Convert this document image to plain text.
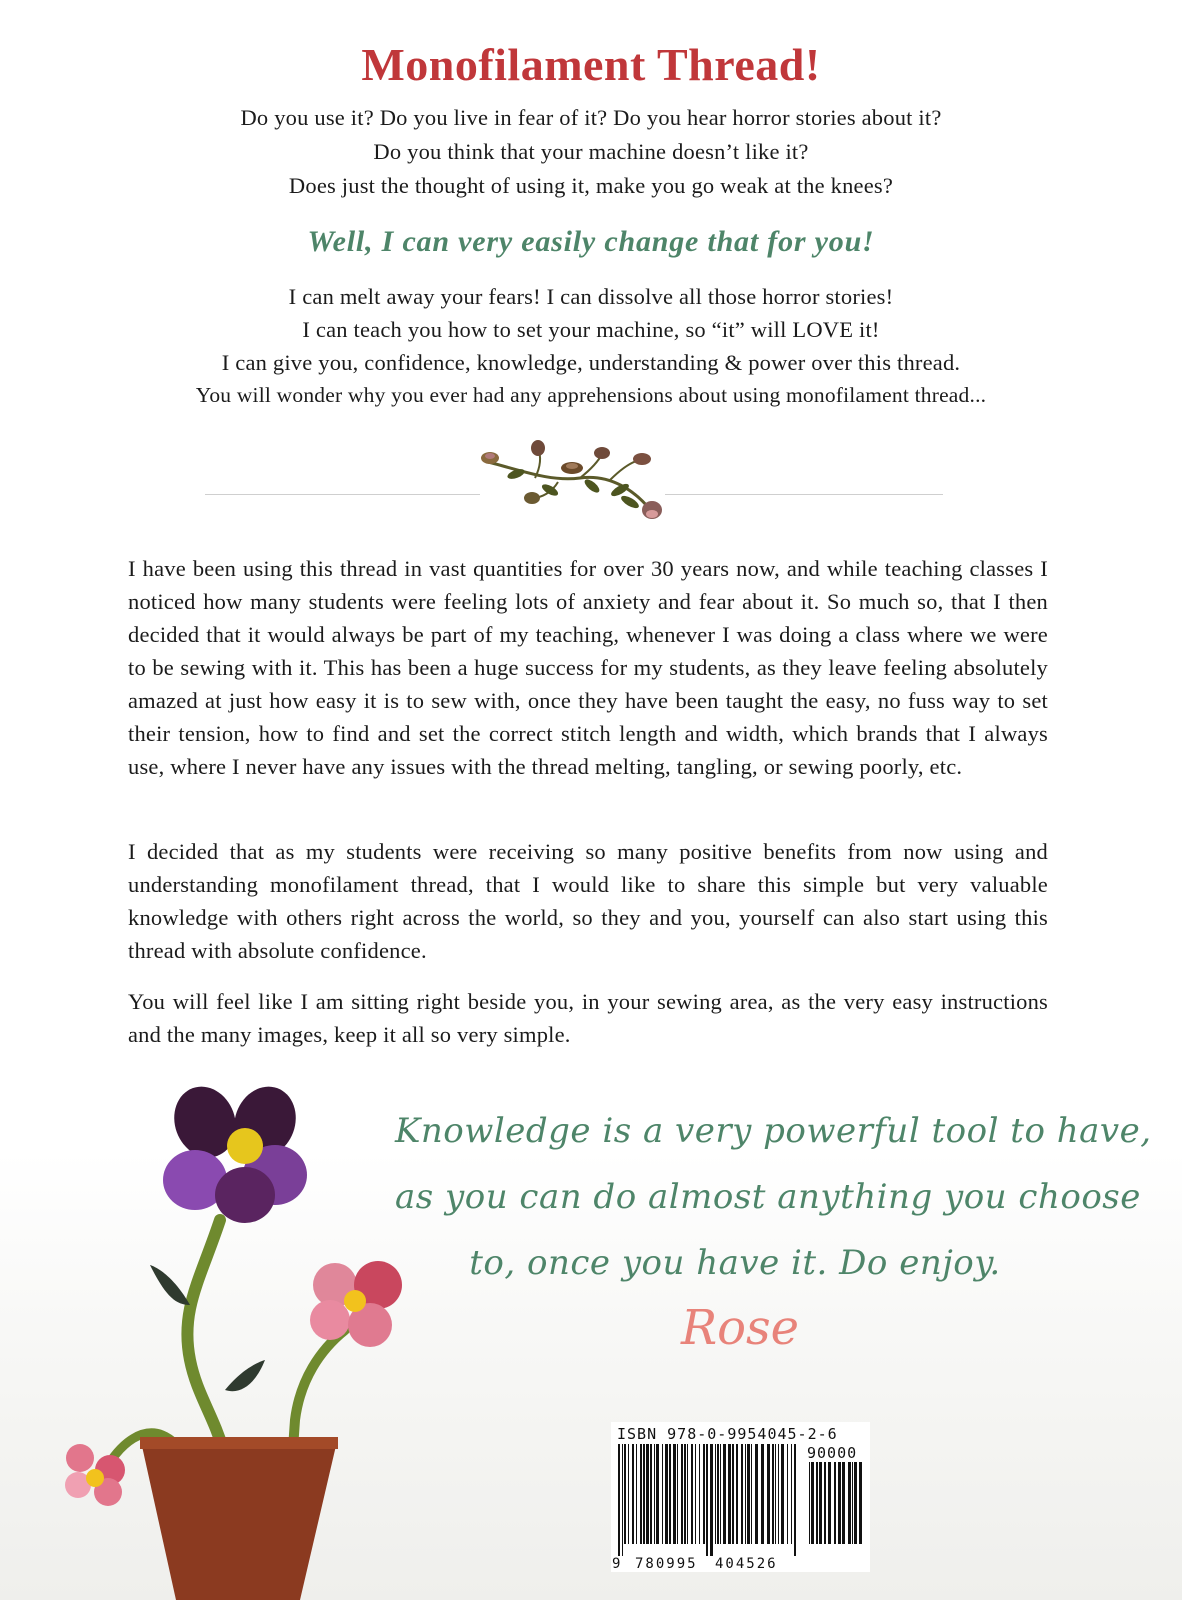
Monofilament Thread!
Do you use it? Do you live in fear of it? Do you hear horror stories about it?
Do you think that your machine doesn’t like it?
Does just the thought of using it, make you go weak at the knees?
Well, I can very easily change that for you!
I can melt away your fears! I can dissolve all those horror stories!
I can teach you how to set your machine, so “it” will LOVE it!
I can give you, confidence, knowledge, understanding & power over this thread.
You will wonder why you ever had any apprehensions about using monofilament thread...
I have been using this thread in vast quantities for over 30 years now, and while teaching classes I noticed how many students were feeling lots of anxiety and fear about it. So much so, that I then decided that it would always be part of my teaching, whenever I was doing a class where we were to be sewing with it. This has been a huge success for my students, as they leave feeling absolutely amazed at just how easy it is to sew with, once they have been taught the easy, no fuss way to set their tension, how to find and set the correct stitch length and width, which brands that I always use, where I never have any issues with the thread melting, tangling, or sewing poorly, etc.
I decided that as my students were receiving so many positive benefits from now using and understanding monofilament thread, that I would like to share this simple but very valuable knowledge with others right across the world, so they and you, yourself can also start using this thread with absolute confidence.
You will feel like I am sitting right beside you, in your sewing area, as the very easy instructions and the many images, keep it all so very simple.
Knowledge is a very powerful tool to have,
as you can do almost anything you choose
to, once you have it. Do enjoy.
Rose
ISBN 978-0-9954045-2-6
90000
9 780995 404526
